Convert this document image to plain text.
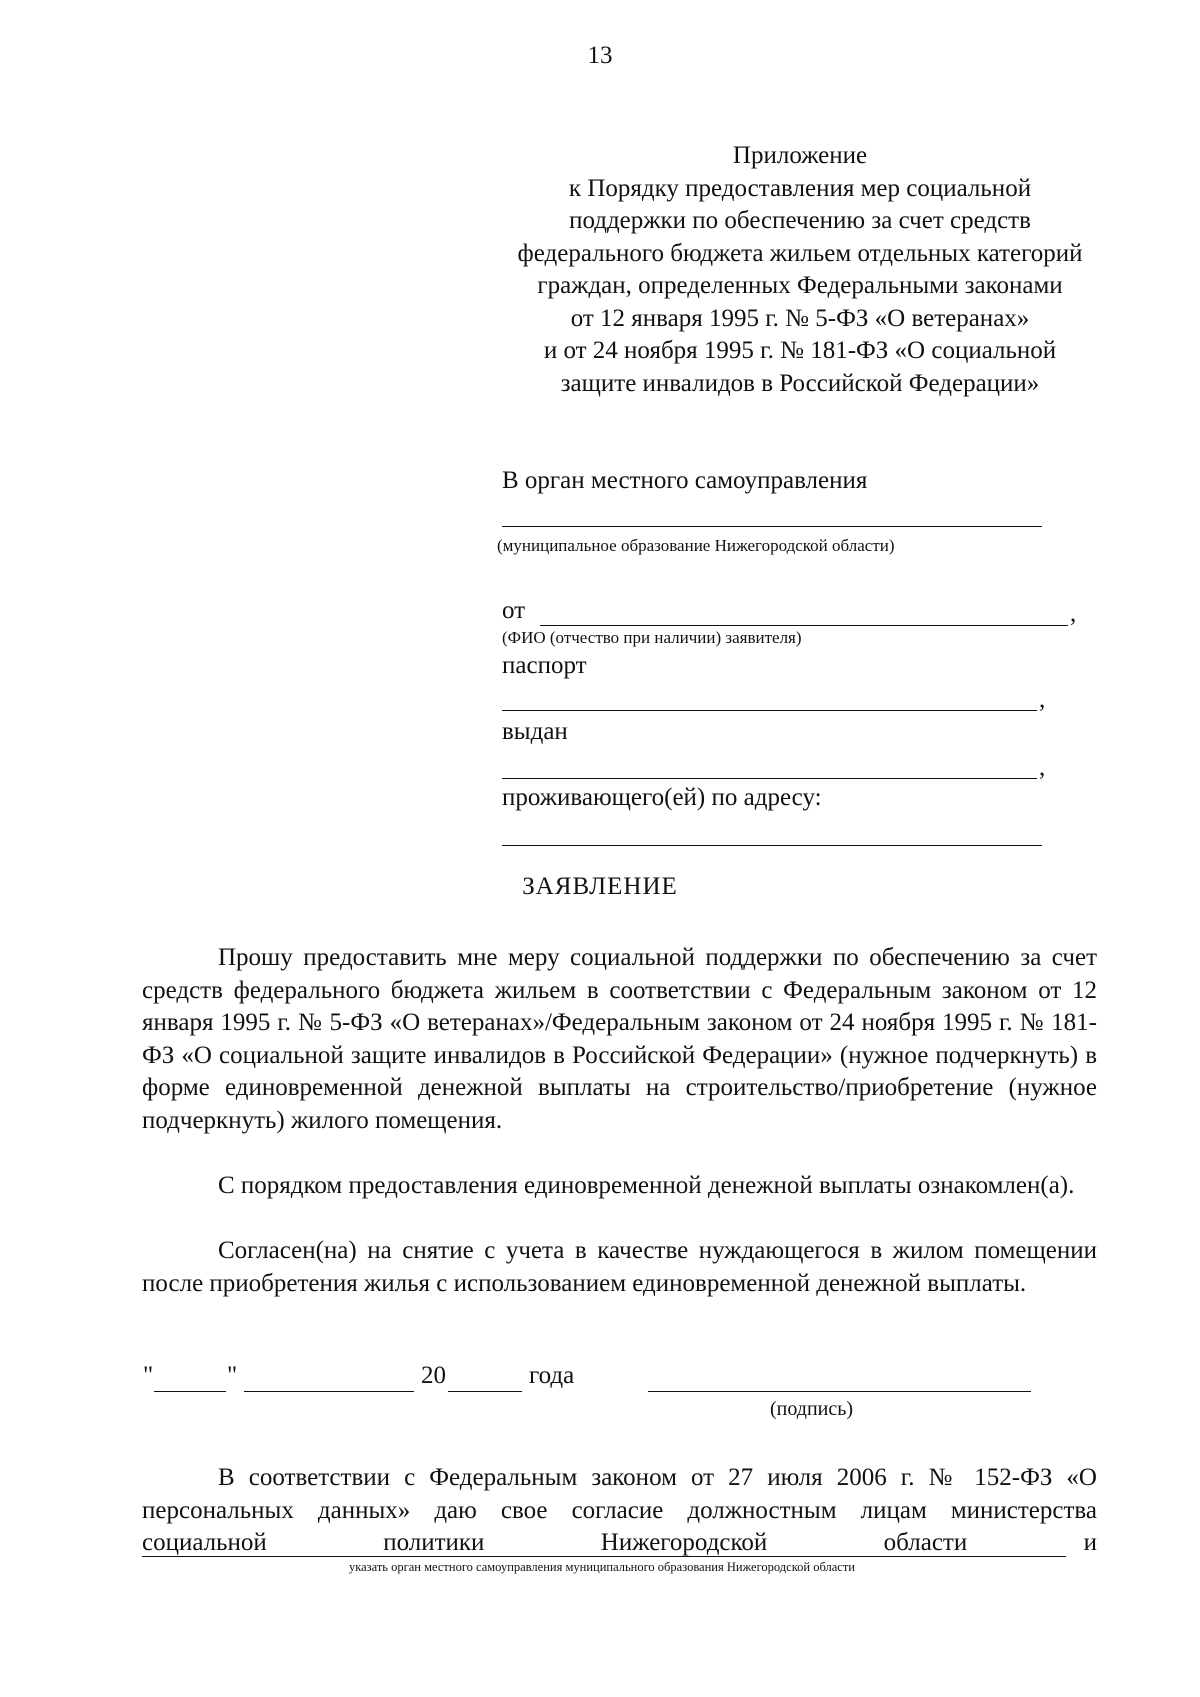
13
Приложение
к Порядку предоставления мер социальной
поддержки по обеспечению за счет средств
федерального бюджета жильем отдельных категорий
граждан, определенных Федеральными законами
от 12 января 1995 г. № 5-ФЗ «О ветеранах»
и от 24 ноября 1995 г. № 181-ФЗ «О социальной
защите инвалидов в Российской Федерации»
В орган местного самоуправления
(муниципальное образование Нижегородской области)
от	,
(ФИО (отчество при наличии) заявителя)
паспорт
,
выдан
,
проживающего(ей) по адресу:
ЗАЯВЛЕНИЕ
Прошу предоставить мне меру социальной поддержки по обеспечению за счет средств федерального бюджета жильем в соответствии с Федеральным законом от 12 января 1995 г. № 5-ФЗ «О ветеранах»/Федеральным законом от 24 ноября 1995 г. № 181-ФЗ «О социальной защите инвалидов в Российской Федерации» (нужное подчеркнуть) в форме единовременной денежной выплаты на строительство/приобретение (нужное подчеркнуть) жилого помещения.
С порядком предоставления единовременной денежной выплаты ознакомлен(а).
Согласен(на) на снятие с учета в качестве нуждающегося в жилом помещении после приобретения жилья с использованием единовременной денежной выплаты.
"	"	20	года
(подпись)
В соответствии с Федеральным законом от 27 июля 2006 г. № 152-ФЗ «О персональных данных» даю свое согласие должностным лицам министерства социальной политики Нижегородской области и
указать орган местного самоуправления муниципального образования Нижегородской области
